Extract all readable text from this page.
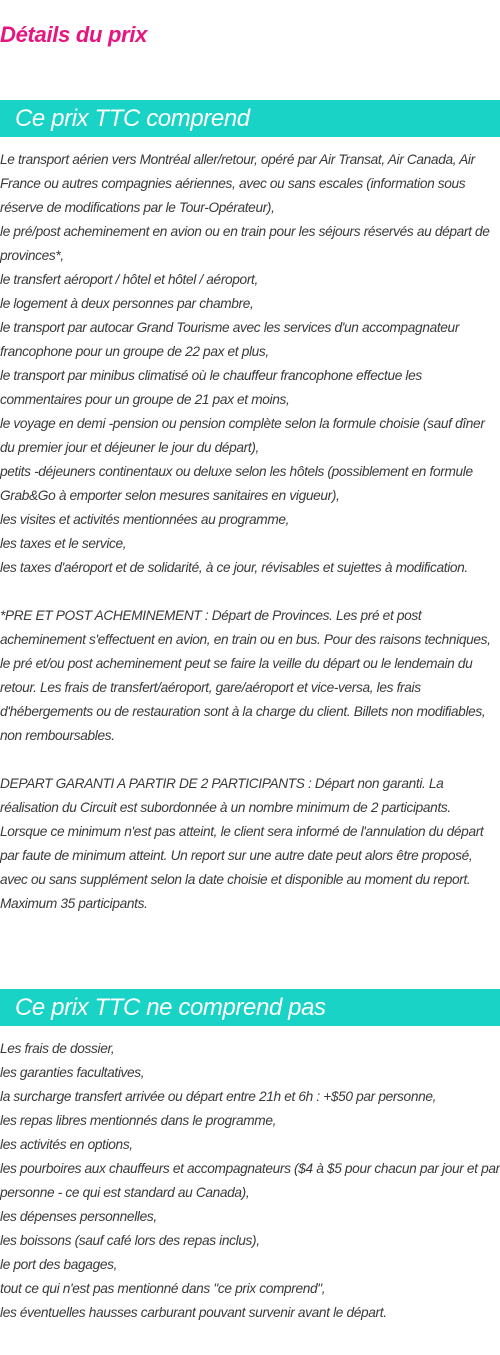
Détails du prix
Ce prix TTC comprend
Le transport aérien vers Montréal aller/retour, opéré par Air Transat, Air Canada, Air France ou autres compagnies aériennes, avec ou sans escales (information sous réserve de modifications par le Tour-Opérateur),
le pré/post acheminement en avion ou en train pour les séjours réservés au départ de provinces*,
le transfert aéroport / hôtel et hôtel / aéroport,
le logement à deux personnes par chambre,
le transport par autocar Grand Tourisme avec les services d'un accompagnateur francophone pour un groupe de 22 pax et plus,
le transport par minibus climatisé où le chauffeur francophone effectue les commentaires pour un groupe de 21 pax et moins,
le voyage en demi -pension ou pension complète selon la formule choisie (sauf dîner du premier jour et déjeuner le jour du départ),
petits -déjeuners continentaux ou deluxe selon les hôtels (possiblement en formule Grab&Go à emporter selon mesures sanitaires en vigueur),
les visites et activités mentionnées au programme,
les taxes et le service,
les taxes d'aéroport et de solidarité, à ce jour, révisables et sujettes à modification.
*PRE ET POST ACHEMINEMENT : Départ de Provinces. Les pré et post acheminement s'effectuent en avion, en train ou en bus. Pour des raisons techniques, le pré et/ou post acheminement peut se faire la veille du départ ou le lendemain du retour. Les frais de transfert/aéroport, gare/aéroport et vice-versa, les frais d'hébergements ou de restauration sont à la charge du client. Billets non modifiables, non remboursables.
DEPART GARANTI A PARTIR DE 2 PARTICIPANTS : Départ non garanti. La réalisation du Circuit est subordonnée à un nombre minimum de 2 participants. Lorsque ce minimum n'est pas atteint, le client sera informé de l'annulation du départ par faute de minimum atteint. Un report sur une autre date peut alors être proposé, avec ou sans supplément selon la date choisie et disponible au moment du report. Maximum 35 participants.
Ce prix TTC ne comprend pas
Les frais de dossier,
les garanties facultatives,
la surcharge transfert arrivée ou départ entre 21h et 6h : +$50 par personne,
les repas libres mentionnés dans le programme,
les activités en options,
les pourboires aux chauffeurs et accompagnateurs ($4 à $5 pour chacun par jour et par personne - ce qui est standard au Canada),
les dépenses personnelles,
les boissons (sauf café lors des repas inclus),
le port des bagages,
tout ce qui n'est pas mentionné dans "ce prix comprend",
les éventuelles hausses carburant pouvant survenir avant le départ.
